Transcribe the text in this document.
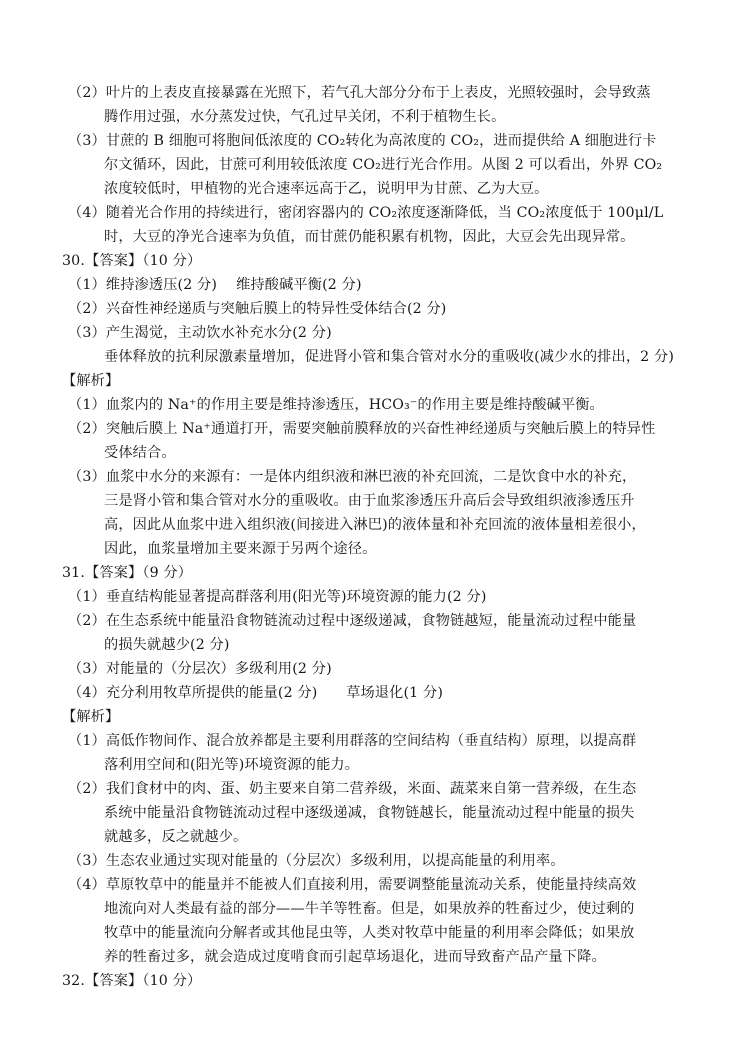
（2）叶片的上表皮直接暴露在光照下，若气孔大部分分布于上表皮，光照较强时，会导致蒸
腾作用过强，水分蒸发过快，气孔过早关闭，不利于植物生长。
（3）甘蔗的 B 细胞可将胞间低浓度的 CO₂转化为高浓度的 CO₂，进而提供给 A 细胞进行卡
尔文循环，因此，甘蔗可利用较低浓度 CO₂进行光合作用。从图 2 可以看出，外界 CO₂
浓度较低时，甲植物的光合速率远高于乙，说明甲为甘蔗、乙为大豆。
（4）随着光合作用的持续进行，密闭容器内的 CO₂浓度逐渐降低，当 CO₂浓度低于 100μl/L
时，大豆的净光合速率为负值，而甘蔗仍能积累有机物，因此，大豆会先出现异常。
30.【答案】（10 分）
（1）维持渗透压(2 分)　 维持酸碱平衡(2 分)
（2）兴奋性神经递质与突触后膜上的特异性受体结合(2 分)
（3）产生渴觉，主动饮水补充水分(2 分)
垂体释放的抗利尿激素量增加，促进肾小管和集合管对水分的重吸收(减少水的排出，2 分)
【解析】
（1）血浆内的 Na⁺的作用主要是维持渗透压，HCO₃⁻的作用主要是维持酸碱平衡。
（2）突触后膜上 Na⁺通道打开，需要突触前膜释放的兴奋性神经递质与突触后膜上的特异性
受体结合。
（3）血浆中水分的来源有：一是体内组织液和淋巴液的补充回流，二是饮食中水的补充，
三是肾小管和集合管对水分的重吸收。由于血浆渗透压升高后会导致组织液渗透压升
高，因此从血浆中进入组织液(间接进入淋巴)的液体量和补充回流的液体量相差很小，
因此，血浆量增加主要来源于另两个途径。
31.【答案】（9 分）
（1）垂直结构能显著提高群落利用(阳光等)环境资源的能力(2 分)
（2）在生态系统中能量沿食物链流动过程中逐级递减，食物链越短，能量流动过程中能量
的损失就越少(2 分)
（3）对能量的（分层次）多级利用(2 分)
（4）充分利用牧草所提供的能量(2 分)　　草场退化(1 分)
【解析】
（1）高低作物间作、混合放养都是主要利用群落的空间结构（垂直结构）原理，以提高群
落利用空间和(阳光等)环境资源的能力。
（2）我们食材中的肉、蛋、奶主要来自第二营养级，米面、蔬菜来自第一营养级，在生态
系统中能量沿食物链流动过程中逐级递减，食物链越长，能量流动过程中能量的损失
就越多，反之就越少。
（3）生态农业通过实现对能量的（分层次）多级利用，以提高能量的利用率。
（4）草原牧草中的能量并不能被人们直接利用，需要调整能量流动关系，使能量持续高效
地流向对人类最有益的部分——牛羊等牲畜。但是，如果放养的牲畜过少，使过剩的
牧草中的能量流向分解者或其他昆虫等，人类对牧草中能量的利用率会降低；如果放
养的牲畜过多，就会造成过度啃食而引起草场退化，进而导致畜产品产量下降。
32.【答案】（10 分）
